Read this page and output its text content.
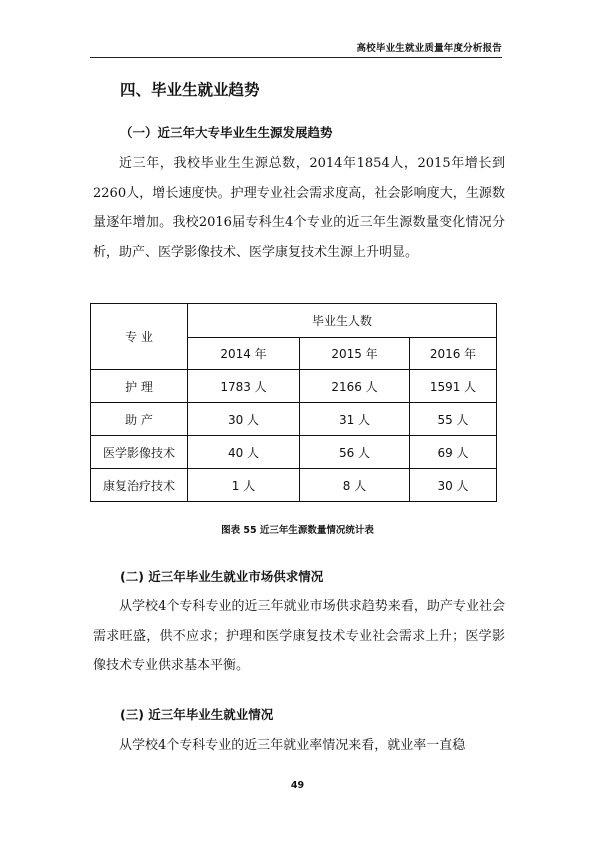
高校毕业生就业质量年度分析报告
四、毕业生就业趋势
（一）近三年大专毕业生生源发展趋势
近三年，我校毕业生生源总数，2014年1854人，2015年增长到2260人，增长速度快。护理专业社会需求度高，社会影响度大，生源数量逐年增加。我校2016届专科生4个专业的近三年生源数量变化情况分析，助产、医学影像技术、医学康复技术生源上升明显。
专 业	毕业生人数		
	2014 年	2015 年	2016 年
护 理	1783 人	2166 人	1591 人
助 产	30 人	31 人	55 人
医学影像技术	40 人	56 人	69 人
康复治疗技术	1 人	8 人	30 人
图表 55 近三年生源数量情况统计表
(二) 近三年毕业生就业市场供求情况
从学校4个专科专业的近三年就业市场供求趋势来看，助产专业社会需求旺盛，供不应求；护理和医学康复技术专业社会需求上升；医学影像技术专业供求基本平衡。
(三) 近三年毕业生就业情况
从学校4个专科专业的近三年就业率情况来看，就业率一直稳
49
